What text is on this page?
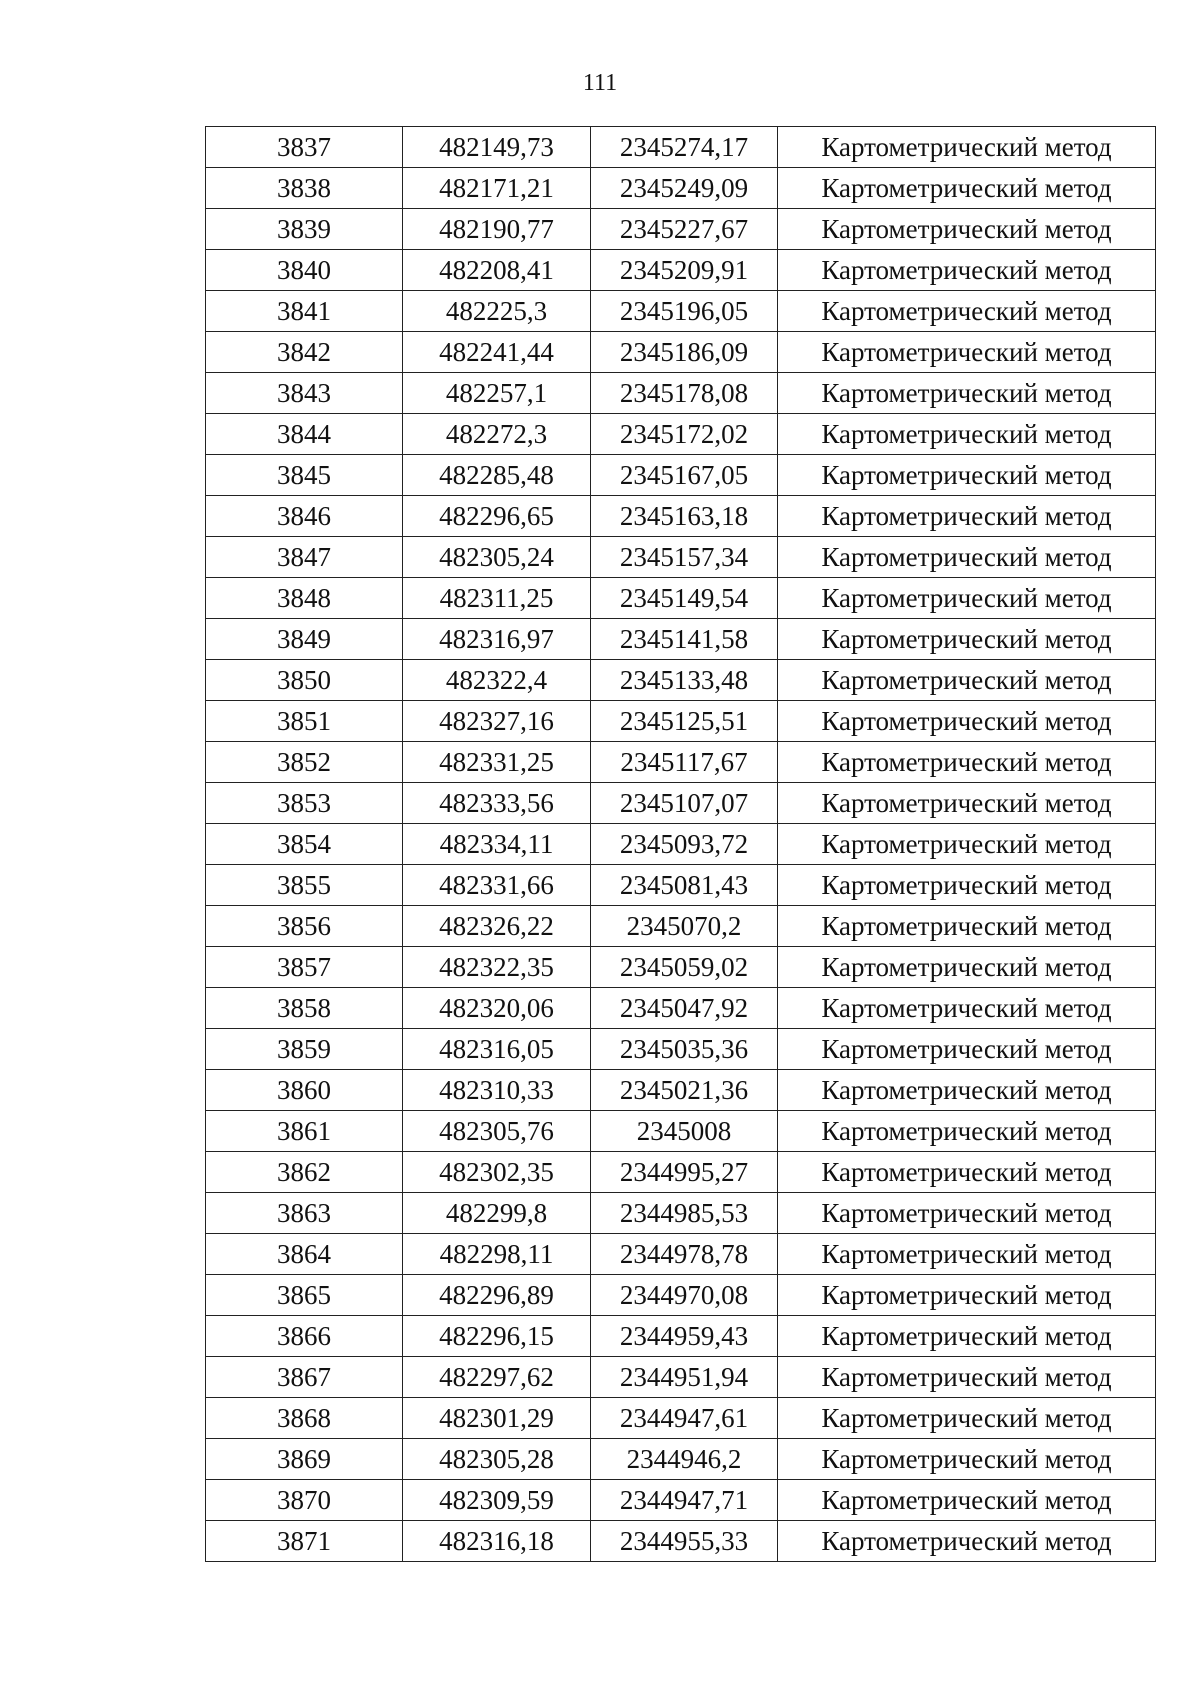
111
3837	482149,73	2345274,17	Картометрический метод
3838	482171,21	2345249,09	Картометрический метод
3839	482190,77	2345227,67	Картометрический метод
3840	482208,41	2345209,91	Картометрический метод
3841	482225,3	2345196,05	Картометрический метод
3842	482241,44	2345186,09	Картометрический метод
3843	482257,1	2345178,08	Картометрический метод
3844	482272,3	2345172,02	Картометрический метод
3845	482285,48	2345167,05	Картометрический метод
3846	482296,65	2345163,18	Картометрический метод
3847	482305,24	2345157,34	Картометрический метод
3848	482311,25	2345149,54	Картометрический метод
3849	482316,97	2345141,58	Картометрический метод
3850	482322,4	2345133,48	Картометрический метод
3851	482327,16	2345125,51	Картометрический метод
3852	482331,25	2345117,67	Картометрический метод
3853	482333,56	2345107,07	Картометрический метод
3854	482334,11	2345093,72	Картометрический метод
3855	482331,66	2345081,43	Картометрический метод
3856	482326,22	2345070,2	Картометрический метод
3857	482322,35	2345059,02	Картометрический метод
3858	482320,06	2345047,92	Картометрический метод
3859	482316,05	2345035,36	Картометрический метод
3860	482310,33	2345021,36	Картометрический метод
3861	482305,76	2345008	Картометрический метод
3862	482302,35	2344995,27	Картометрический метод
3863	482299,8	2344985,53	Картометрический метод
3864	482298,11	2344978,78	Картометрический метод
3865	482296,89	2344970,08	Картометрический метод
3866	482296,15	2344959,43	Картометрический метод
3867	482297,62	2344951,94	Картометрический метод
3868	482301,29	2344947,61	Картометрический метод
3869	482305,28	2344946,2	Картометрический метод
3870	482309,59	2344947,71	Картометрический метод
3871	482316,18	2344955,33	Картометрический метод
